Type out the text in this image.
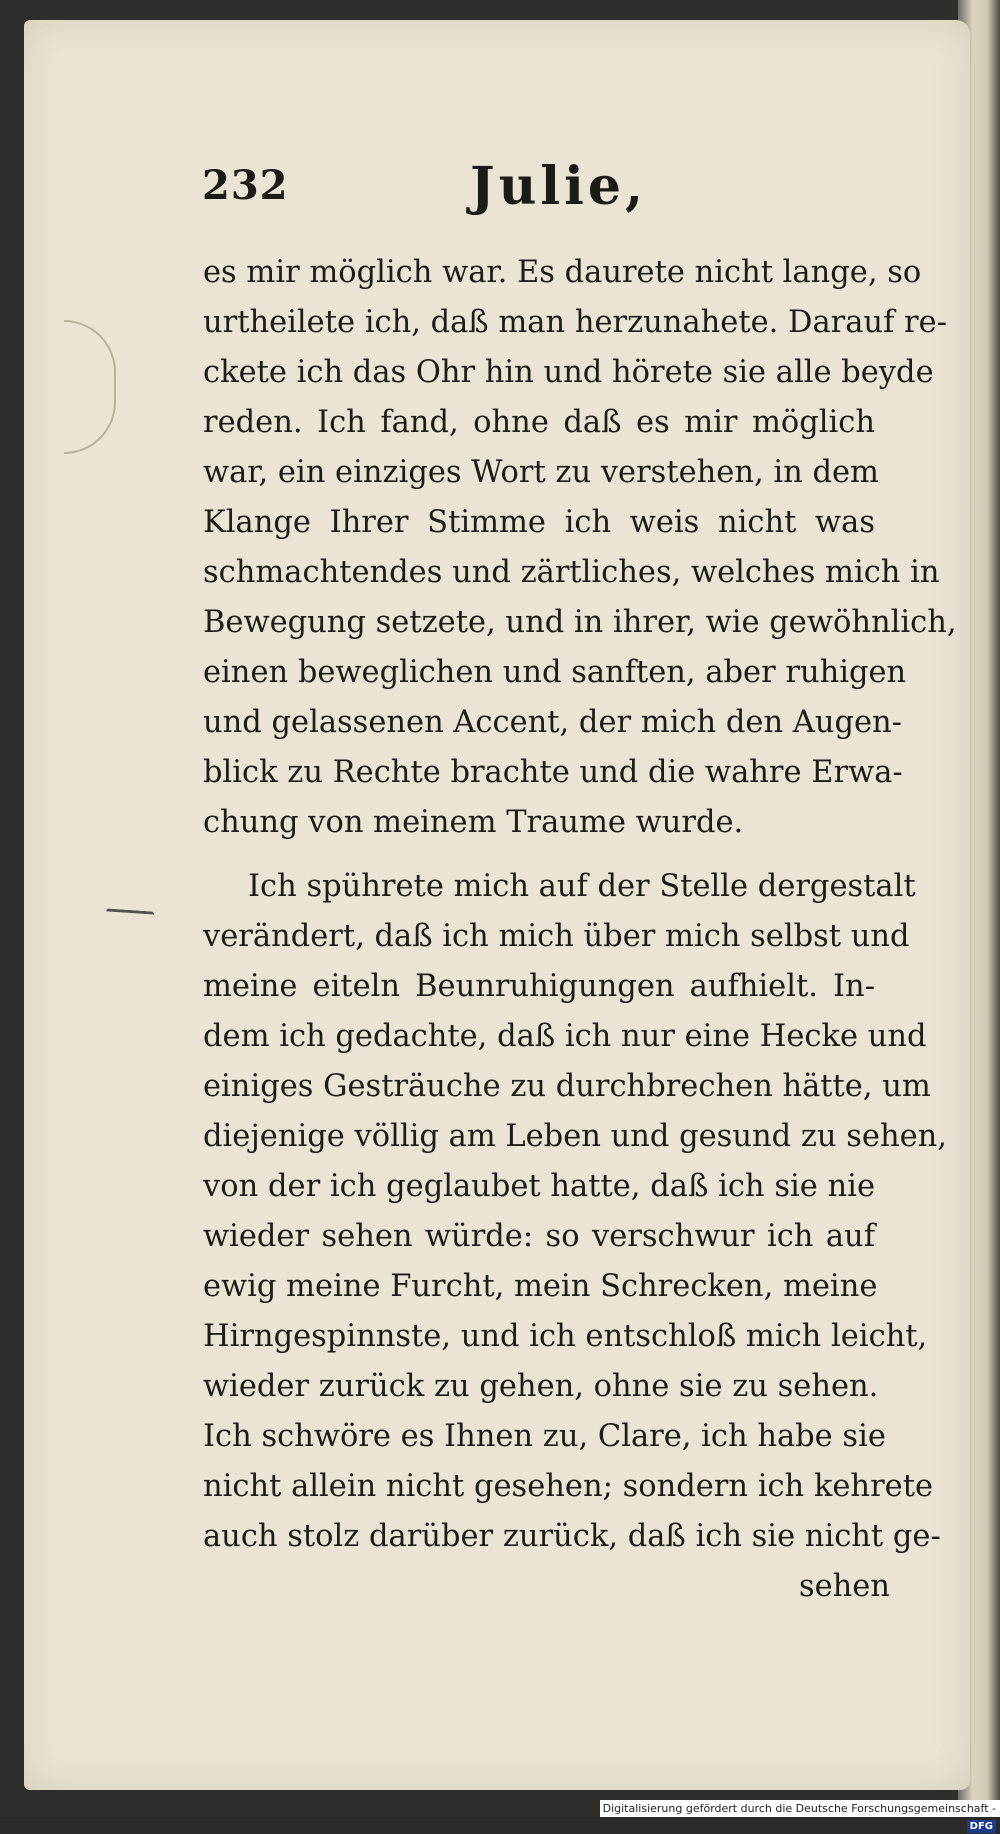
232	Julie,
es mir möglich war. Es daurete nicht lange, so
urtheilete ich, daß man herzunahete. Darauf re-
ckete ich das Ohr hin und hörete sie alle beyde
reden. Ich fand, ohne daß es mir möglich
war, ein einziges Wort zu verstehen, in dem
Klange Ihrer Stimme ich weis nicht was
schmachtendes und zärtliches, welches mich in
Bewegung setzete, und in ihrer, wie gewöhnlich,
einen beweglichen und sanften, aber ruhigen
und gelassenen Accent, der mich den Augen-
blick zu Rechte brachte und die wahre Erwa-
chung von meinem Traume wurde.
Ich spührete mich auf der Stelle dergestalt
verändert, daß ich mich über mich selbst und
meine eiteln Beunruhigungen aufhielt. In-
dem ich gedachte, daß ich nur eine Hecke und
einiges Gesträuche zu durchbrechen hätte, um
diejenige völlig am Leben und gesund zu sehen,
von der ich geglaubet hatte, daß ich sie nie
wieder sehen würde: so verschwur ich auf
ewig meine Furcht, mein Schrecken, meine
Hirngespinnste, und ich entschloß mich leicht,
wieder zurück zu gehen, ohne sie zu sehen.
Ich schwöre es Ihnen zu, Clare, ich habe sie
nicht allein nicht gesehen; sondern ich kehrete
auch stolz darüber zurück, daß ich sie nicht ge-
sehen
Digitalisierung gefördert durch die Deutsche Forschungsgemeinschaft -DFG
